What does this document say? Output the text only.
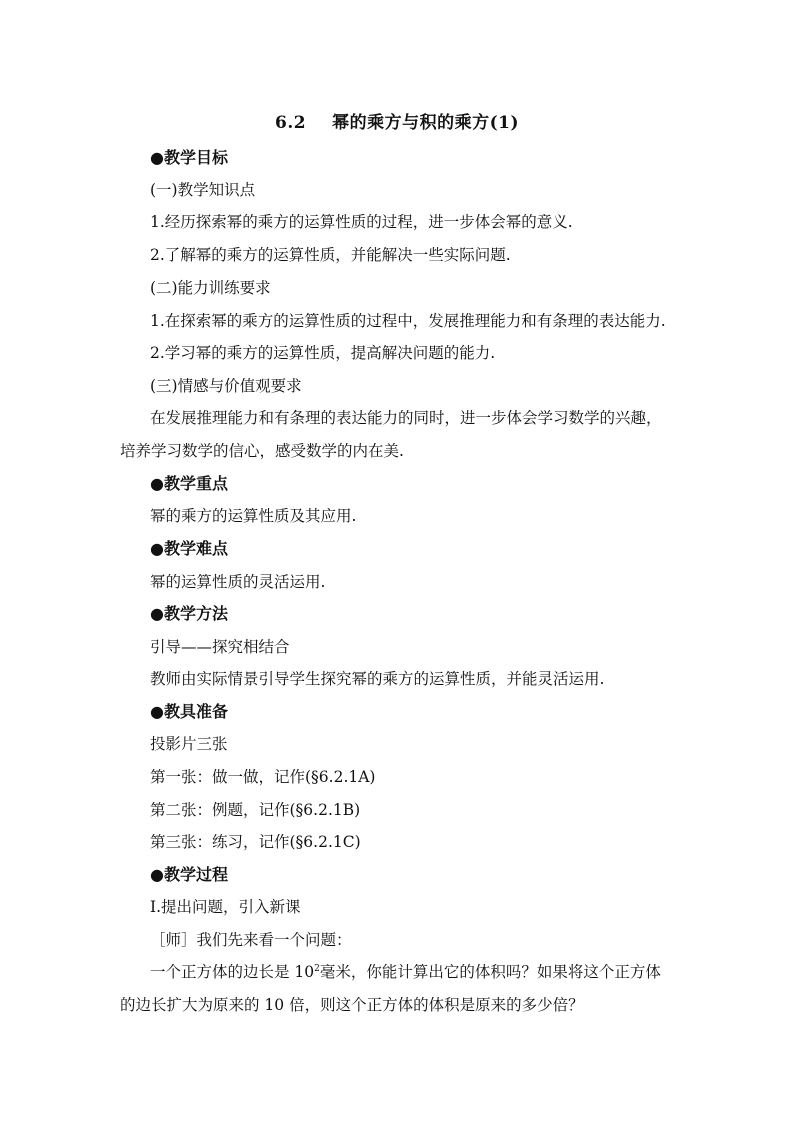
6.2 幂的乘方与积的乘方(1)
●教学目标
(一)教学知识点
1.经历探索幂的乘方的运算性质的过程，进一步体会幂的意义.
2.了解幂的乘方的运算性质，并能解决一些实际问题.
(二)能力训练要求
1.在探索幂的乘方的运算性质的过程中，发展推理能力和有条理的表达能力.
2.学习幂的乘方的运算性质，提高解决问题的能力.
(三)情感与价值观要求
在发展推理能力和有条理的表达能力的同时，进一步体会学习数学的兴趣，
培养学习数学的信心，感受数学的内在美.
●教学重点
幂的乘方的运算性质及其应用.
●教学难点
幂的运算性质的灵活运用.
●教学方法
引导——探究相结合
教师由实际情景引导学生探究幂的乘方的运算性质，并能灵活运用.
●教具准备
投影片三张
第一张：做一做，记作(§6.2.1A)
第二张：例题，记作(§6.2.1B)
第三张：练习，记作(§6.2.1C)
●教学过程
Ⅰ.提出问题，引入新课
［师］我们先来看一个问题：
一个正方体的边长是 $10^2$毫米，你能计算出它的体积吗？如果将这个正方体
的边长扩大为原来的 10 倍，则这个正方体的体积是原来的多少倍？
